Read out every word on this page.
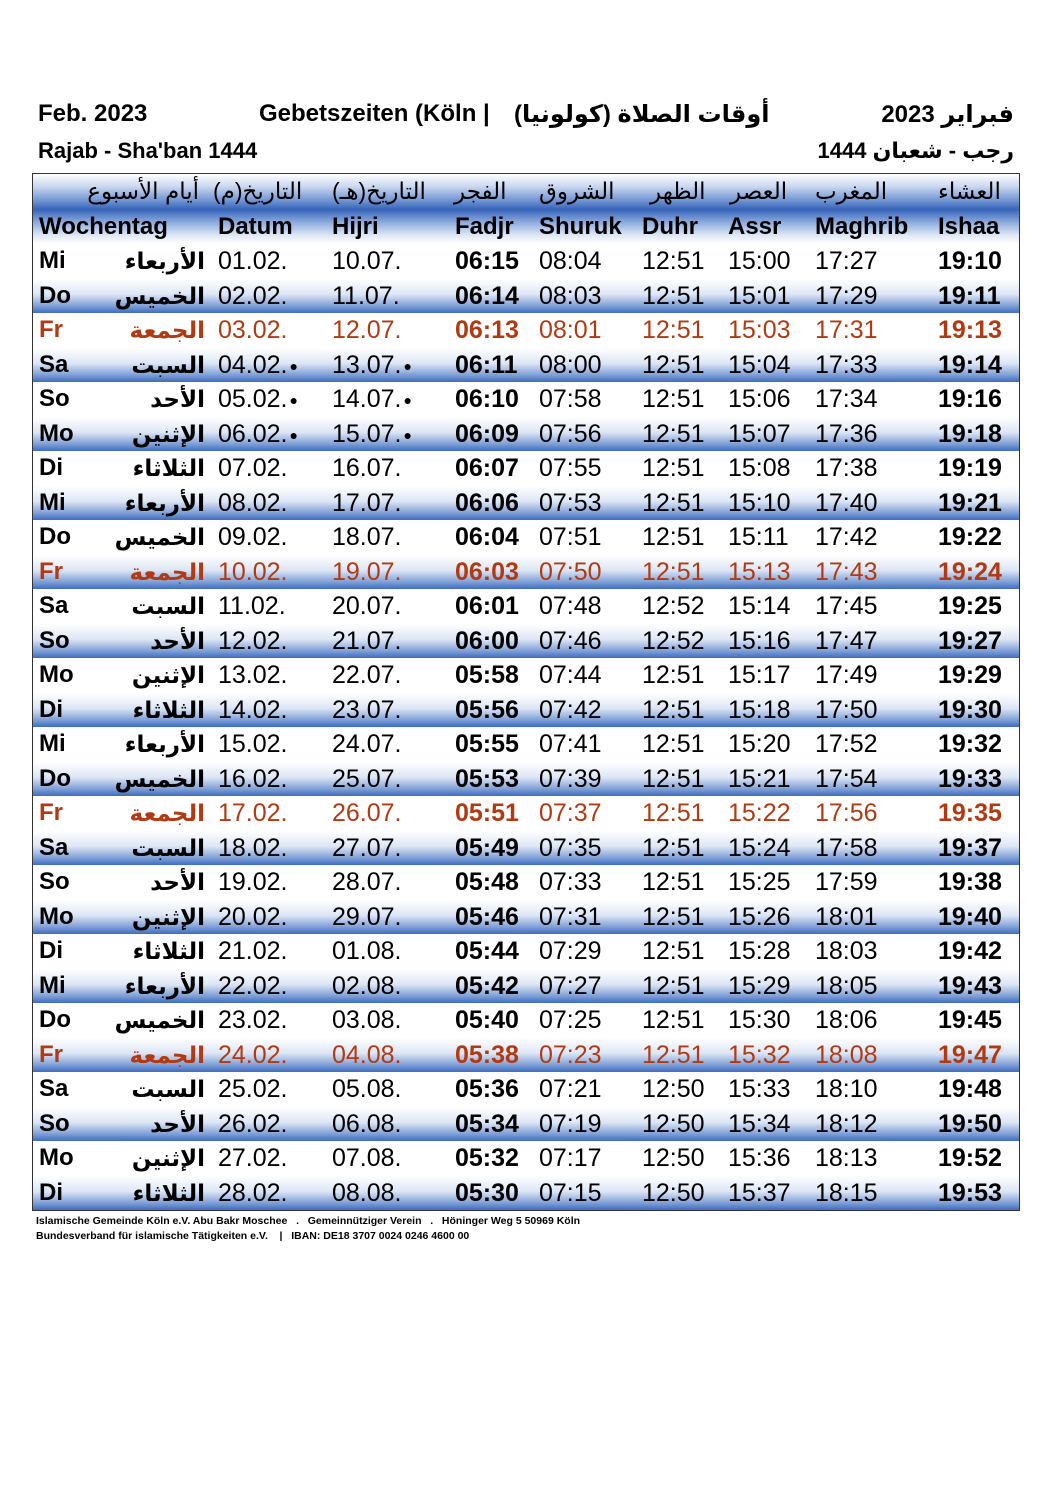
Feb. 2023	Gebetszeiten (Köln | أوقات الصلاة (كولونيا)	فبراير 2023
Rajab - Sha'ban 1444	رجب - شعبان 1444
أيام الأسبوع التاريخ(م) التاريخ(هـ) الفجر الشروق الظهر العصر المغرب العشاء
Wochentag Datum Hijri	Fadjr Shuruk Duhr Assr Maghrib Ishaa
Mi	الأربعاء 01.02. 10.07. 06:15 08:04 12:51 15:00 17:27 19:10
Do	الخميس 02.02. 11.07. 06:14 08:03 12:51 15:01 17:29 19:11
Fr	الجمعة 03.02. 12.07. 06:13 08:01 12:51 15:03 17:31 19:13
Sa	السبت 04.02. ● 13.07. ● 06:11 08:00 12:51 15:04 17:33 19:14
So	الأحد 05.02. ● 14.07. ● 06:10 07:58 12:51 15:06 17:34 19:16
Mo	الإثنين 06.02. ● 15.07. ● 06:09 07:56 12:51 15:07 17:36 19:18
Di	الثلاثاء 07.02. 16.07. 06:07 07:55 12:51 15:08 17:38 19:19
Mi	الأربعاء 08.02. 17.07. 06:06 07:53 12:51 15:10 17:40 19:21
Do	الخميس 09.02. 18.07. 06:04 07:51 12:51 15:11 17:42 19:22
Fr	الجمعة 10.02. 19.07. 06:03 07:50 12:51 15:13 17:43 19:24
Sa	السبت 11.02. 20.07. 06:01 07:48 12:52 15:14 17:45 19:25
So	الأحد 12.02. 21.07. 06:00 07:46 12:52 15:16 17:47 19:27
Mo	الإثنين 13.02. 22.07. 05:58 07:44 12:51 15:17 17:49 19:29
Di	الثلاثاء 14.02. 23.07. 05:56 07:42 12:51 15:18 17:50 19:30
Mi	الأربعاء 15.02. 24.07. 05:55 07:41 12:51 15:20 17:52 19:32
Do	الخميس 16.02. 25.07. 05:53 07:39 12:51 15:21 17:54 19:33
Fr	الجمعة 17.02. 26.07. 05:51 07:37 12:51 15:22 17:56 19:35
Sa	السبت 18.02. 27.07. 05:49 07:35 12:51 15:24 17:58 19:37
So	الأحد 19.02. 28.07. 05:48 07:33 12:51 15:25 17:59 19:38
Mo	الإثنين 20.02. 29.07. 05:46 07:31 12:51 15:26 18:01 19:40
Di	الثلاثاء 21.02. 01.08. 05:44 07:29 12:51 15:28 18:03 19:42
Mi	الأربعاء 22.02. 02.08. 05:42 07:27 12:51 15:29 18:05 19:43
Do	الخميس 23.02. 03.08. 05:40 07:25 12:51 15:30 18:06 19:45
Fr	الجمعة 24.02. 04.08. 05:38 07:23 12:51 15:32 18:08 19:47
Sa	السبت 25.02. 05.08. 05:36 07:21 12:50 15:33 18:10 19:48
So	الأحد 26.02. 06.08. 05:34 07:19 12:50 15:34 18:12 19:50
Mo	الإثنين 27.02. 07.08. 05:32 07:17 12:50 15:36 18:13 19:52
Di	الثلاثاء 28.02. 08.08. 05:30 07:15 12:50 15:37 18:15 19:53
Islamische Gemeinde Köln e.V. Abu Bakr Moschee   .   Gemeinnütziger Verein   .   Höninger Weg 5 50969 Köln
Bundesverband für islamische Tätigkeiten e.V.    |   IBAN: DE18 3707 0024 0246 4600 00
